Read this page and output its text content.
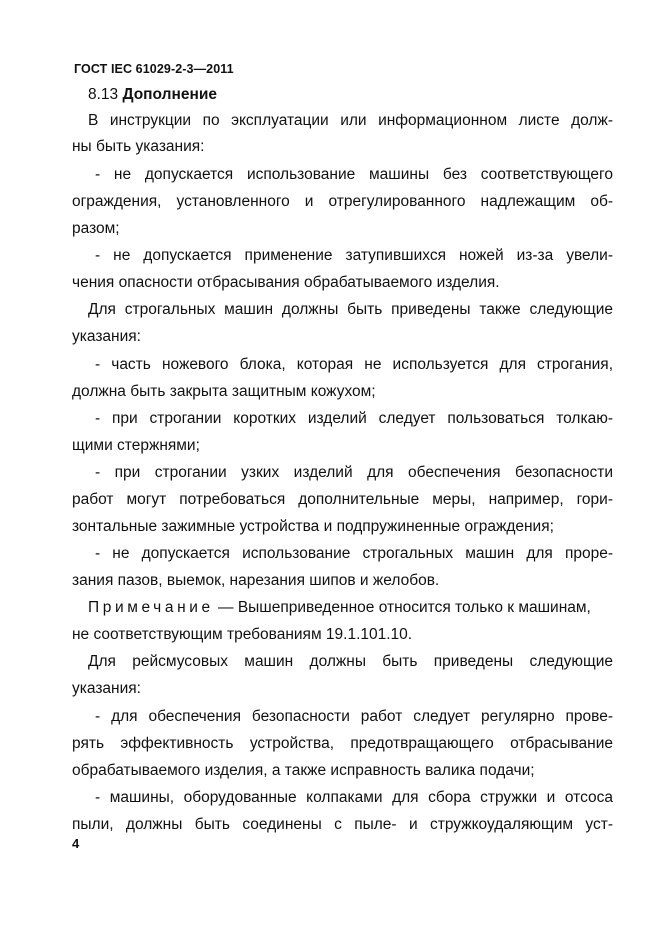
ГОСТ IEC 61029-2-3—2011
8.13 Дополнение
В инструкции по эксплуатации или информационном листе долж-
ны быть указания:
- не допускается использование машины без соответствующего
ограждения, установленного и отрегулированного надлежащим об-
разом;
- не допускается применение затупившихся ножей из-за увели-
чения опасности отбрасывания обрабатываемого изделия.
Для строгальных машин должны быть приведены также следующие
указания:
- часть ножевого блока, которая не используется для строгания,
должна быть закрыта защитным кожухом;
- при строгании коротких изделий следует пользоваться толкаю-
щими стержнями;
- при строгании узких изделий для обеспечения безопасности
работ могут потребоваться дополнительные меры, например, гори-
зонтальные зажимные устройства и подпружиненные ограждения;
- не допускается использование строгальных машин для проре-
зания пазов, выемок, нарезания шипов и желобов.
Примечание — Вышеприведенное относится только к машинам,
не соответствующим требованиям 19.1.101.10.
Для рейсмусовых машин должны быть приведены следующие
указания:
- для обеспечения безопасности работ следует регулярно прове-
рять эффективность устройства, предотвращающего отбрасывание
обрабатываемого изделия, а также исправность валика подачи;
- машины, оборудованные колпаками для сбора стружки и отсоса
пыли, должны быть соединены с пыле- и стружкоудаляющим уст-
4
